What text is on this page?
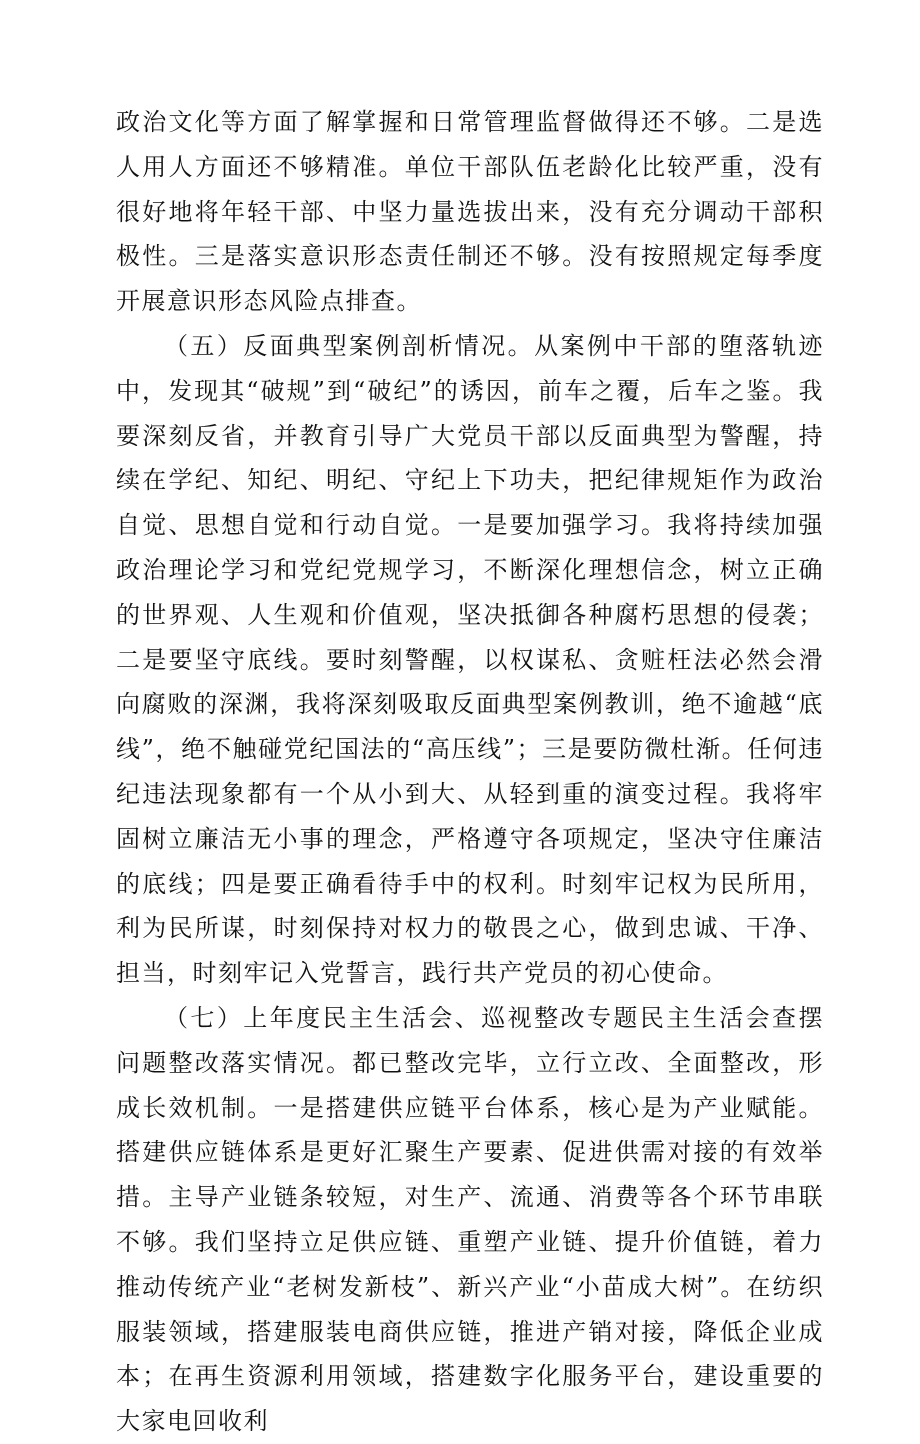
政治文化等方面了解掌握和日常管理监督做得还不够。二是选人用人方面还不够精准。单位干部队伍老龄化比较严重，没有很好地将年轻干部、中坚力量选拔出来，没有充分调动干部积极性。三是落实意识形态责任制还不够。没有按照规定每季度开展意识形态风险点排查。

（五）反面典型案例剖析情况。从案例中干部的堕落轨迹中，发现其“破规”到“破纪”的诱因，前车之覆，后车之鉴。我要深刻反省，并教育引导广大党员干部以反面典型为警醒，持续在学纪、知纪、明纪、守纪上下功夫，把纪律规矩作为政治自觉、思想自觉和行动自觉。一是要加强学习。我将持续加强政治理论学习和党纪党规学习，不断深化理想信念，树立正确的世界观、人生观和价值观，坚决抵御各种腐朽思想的侵袭；二是要坚守底线。要时刻警醒，以权谋私、贪赃枉法必然会滑向腐败的深渊，我将深刻吸取反面典型案例教训，绝不逾越“底线”，绝不触碰党纪国法的“高压线”；三是要防微杜渐。任何违纪违法现象都有一个从小到大、从轻到重的演变过程。我将牢固树立廉洁无小事的理念，严格遵守各项规定，坚决守住廉洁的底线；四是要正确看待手中的权利。时刻牢记权为民所用，利为民所谋，时刻保持对权力的敬畏之心，做到忠诚、干净、担当，时刻牢记入党誓言，践行共产党员的初心使命。

（七）上年度民主生活会、巡视整改专题民主生活会查摆问题整改落实情况。都已整改完毕，立行立改、全面整改，形成长效机制。一是搭建供应链平台体系，核心是为产业赋能。搭建供应链体系是更好汇聚生产要素、促进供需对接的有效举措。主导产业链条较短，对生产、流通、消费等各个环节串联不够。我们坚持立足供应链、重塑产业链、提升价值链，着力推动传统产业“老树发新枝”、新兴产业“小苗成大树”。在纺织服装领域，搭建服装电商供应链，推进产销对接，降低企业成本；在再生资源利用领域，搭建数字化服务平台，建设重要的大家电回收利
